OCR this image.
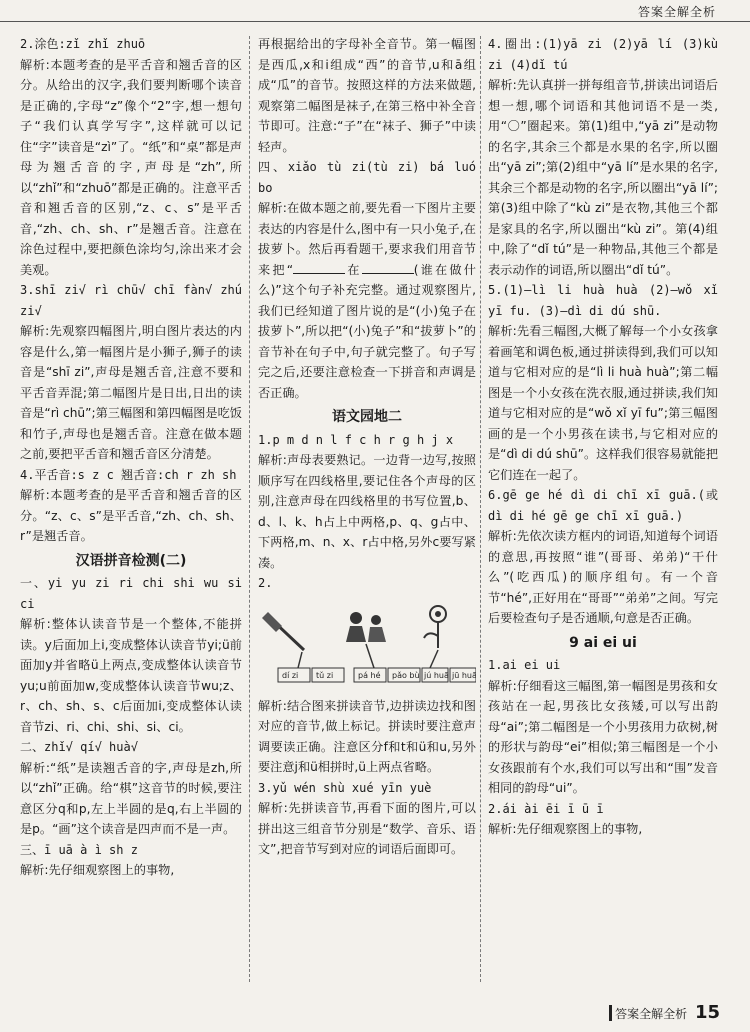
答案全解全析

2.涂色:zǐ zhǐ zhuō

解析:本题考查的是平舌音和翘舌音的区分。从给出的汉字,我们要判断哪个读音是正确的,字母“z”像个“2”字,想一想句子“我们认真学写字”,这样就可以记住“字”读音是“zì”了。“纸”和“桌”都是声母为翘舌音的字,声母是“zh”,所以“zhǐ”和“zhuō”都是正确的。注意平舌音和翘舌音的区别,“z、c、s”是平舌音,“zh、ch、sh、r”是翘舌音。注意在涂色过程中,要把颜色涂均匀,涂出来才会美观。

3.shī zi√ rì chū√ chī fàn√ zhú zi√

解析:先观察四幅图片,明白图片表达的内容是什么,第一幅图片是小狮子,狮子的读音是“shī zi”,声母是翘舌音,注意不要和平舌音弄混;第二幅图片是日出,日出的读音是“rì chū”;第三幅图和第四幅图是吃饭和竹子,声母也是翘舌音。注意在做本题之前,要把平舌音和翘舌音区分清楚。

4.平舌音:s z c 翘舌音:ch r zh sh

解析:本题考查的是平舌音和翘舌音的区分。“z、c、s”是平舌音,“zh、ch、sh、r”是翘舌音。

汉语拼音检测(二)

一、yi yu zi ri chi shi wu si ci

解析:整体认读音节是一个整体,不能拼读。y后面加上i,变成整体认读音节yi;ü前面加y并省略ü上两点,变成整体认读音节yu;u前面加w,变成整体认读音节wu;z、r、ch、sh、s、c后面加i,变成整体认读音节zi、ri、chi、shi、si、ci。

二、zhǐ√ qí√ huà√

解析:“纸”是读翘舌音的字,声母是zh,所以“zhǐ”正确。给“棋”这音节的时候,要注意区分q和p,左上半圆的是q,右上半圆的是p。“画”这个读音是四声而不是一声。

三、ī uā à ì sh z

解析:先仔细观察图上的事物,

再根据给出的字母补全音节。第一幅图是西瓜,x和i组成“西”的音节,u和ā组成“瓜”的音节。按照这样的方法来做题,观察第二幅图是袜子,在第三格中补全音节即可。注意:“子”在“袜子、狮子”中读轻声。

四、xiǎo tù zi(tù zi) bá luó bo

解析:在做本题之前,要先看一下图片主要表达的内容是什么,图中有一只小兔子,在拔萝卜。然后再看题干,要求我们用音节来把“	在	(谁在做什么)”这个句子补充完整。通过观察图片,我们已经知道了图片说的是“(小)兔子在拔萝卜”,所以把“(小)兔子”和“拔萝卜”的音节补在句子中,句子就完整了。句子写完之后,还要注意检查一下拼音和声调是否正确。

语文园地二

1.p m d n l f c h r g h j x

解析:声母表要熟记。一边背一边写,按照顺序写在四线格里,要记住各个声母的区别,注意声母在四线格里的书写位置,b、d、l、k、h占上中两格,p、q、g占中、下两格,m、n、x、r占中格,另外c要写紧凑。

2.

dí zi tǔ zi	pá hé pǎo bù jú huā jū huā

解析:结合图来拼读音节,边拼读边找和图对应的音节,做上标记。拼读时要注意声调要读正确。注意区分f和t和ü和u,另外要注意j和ü相拼时,ü上两点省略。

3.yǔ wén shù xué yīn yuè

解析:先拼读音节,再看下面的图片,可以拼出这三组音节分别是“数学、音乐、语文”,把音节写到对应的词语后面即可。

4.圈出:(1)yā zi (2)yā lí (3)kù zi (4)dǐ tú

解析:先认真拼一拼每组音节,拼读出词语后想一想,哪个词语和其他词语不是一类,用“〇”圈起来。第(1)组中,“yā zi”是动物的名字,其余三个都是水果的名字,所以圈出“yā zi”;第(2)组中“yā lí”是水果的名字,其余三个都是动物的名字,所以圈出“yā lí”;第(3)组中除了“kù zi”是衣物,其他三个都是家具的名字,所以圈出“kù zi”。第(4)组中,除了“dǐ tú”是一种物品,其他三个都是表示动作的词语,所以圈出“dǐ tú”。

5.(1)—lì li huà huà (2)—wǒ xǐ yī fu. (3)—dì di dú shū.

解析:先看三幅图,大概了解每一个小女孩拿着画笔和调色板,通过拼读得到,我们可以知道与它相对应的是“lì li huà huà”;第二幅图是一个小女孩在洗衣服,通过拼读,我们知道与它相对应的是“wǒ xǐ yī fu”;第三幅图画的是一个小男孩在读书,与它相对应的是“dì di dú shū”。这样我们很容易就能把它们连在一起了。

6.gē ge hé dì di chī xī guā.(或dì di hé gē ge chī xī guā.)

解析:先依次读方框内的词语,知道每个词语的意思,再按照“谁”(哥哥、弟弟)“干什么”(吃西瓜)的顺序组句。有一个音节“hé”,正好用在“哥哥”“弟弟”之间。写完后要检查句子是否通顺,句意是否正确。

9 ai ei ui

1.ai ei ui

解析:仔细看这三幅图,第一幅图是男孩和女孩站在一起,男孩比女孩矮,可以写出韵母“ai”;第二幅图是一个小男孩用力砍树,树的形状与韵母“ei”相似;第三幅图是一个小女孩跟前有个水,我们可以写出和“围”发音相同的韵母“ui”。

2.ái ài ēi ī ū ī

解析:先仔细观察图上的事物,

答案全解全析 15
